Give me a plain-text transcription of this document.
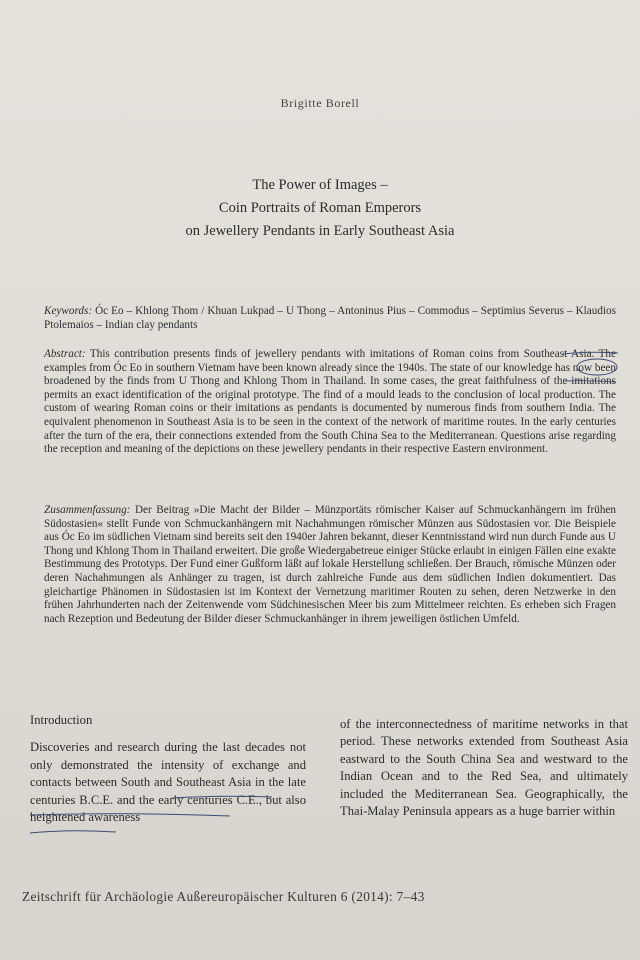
Brigitte Borell
The Power of Images –
Coin Portraits of Roman Emperors
on Jewellery Pendants in Early Southeast Asia
Keywords: Óc Eo – Khlong Thom / Khuan Lukpad – U Thong – Antoninus Pius – Commodus – Septimius Severus – Klaudios Ptolemaios – Indian clay pendants
Abstract: This contribution presents finds of jewellery pendants with imitations of Roman coins from Southeast Asia. The examples from Óc Eo in southern Vietnam have been known already since the 1940s. The state of our knowledge has now been broadened by the finds from U Thong and Khlong Thom in Thailand. In some cases, the great faithfulness of the imitations permits an exact identification of the original prototype. The find of a mould leads to the conclusion of local production. The custom of wearing Roman coins or their imitations as pendants is documented by numerous finds from southern India. The equivalent phenomenon in Southeast Asia is to be seen in the context of the network of maritime routes. In the early centuries after the turn of the era, their connections extended from the South China Sea to the Mediterranean. Questions arise regarding the reception and meaning of the depictions on these jewellery pendants in their respective Eastern environment.
Zusammenfassung: Der Beitrag »Die Macht der Bilder – Münzportäts römischer Kaiser auf Schmuckanhängern im frühen Südostasien« stellt Funde von Schmuckanhängern mit Nachahmungen römischer Münzen aus Südostasien vor. Die Beispiele aus Óc Eo im südlichen Vietnam sind bereits seit den 1940er Jahren bekannt, dieser Kenntnisstand wird nun durch Funde aus U Thong und Khlong Thom in Thailand erweitert. Die große Wiedergabetreue einiger Stücke erlaubt in einigen Fällen eine exakte Bestimmung des Prototyps. Der Fund einer Gußform läßt auf lokale Herstellung schließen. Der Brauch, römische Münzen oder deren Nachahmungen als Anhänger zu tragen, ist durch zahlreiche Funde aus dem südlichen Indien dokumentiert. Das gleichartige Phänomen in Südostasien ist im Kontext der Vernetzung maritimer Routen zu sehen, deren Netzwerke in den frühen Jahrhunderten nach der Zeitenwende vom Südchinesischen Meer bis zum Mittelmeer reichten. Es erheben sich Fragen nach Rezeption und Bedeutung der Bilder dieser Schmuckanhänger in ihrem jeweiligen östlichen Umfeld.
Introduction

Discoveries and research during the last decades not only demonstrated the intensity of exchange and contacts between South and Southeast Asia in the late centuries B.C.E. and the early centuries C.E., but also heightened awareness

of the interconnectedness of maritime networks in that period. These networks extended from Southeast Asia eastward to the South China Sea and westward to the Indian Ocean and to the Red Sea, and ultimately included the Mediterranean Sea. Geographically, the Thai-Malay Peninsula appears as a huge barrier within

Zeitschrift für Archäologie Außereuropäischer Kulturen 6 (2014): 7–43
